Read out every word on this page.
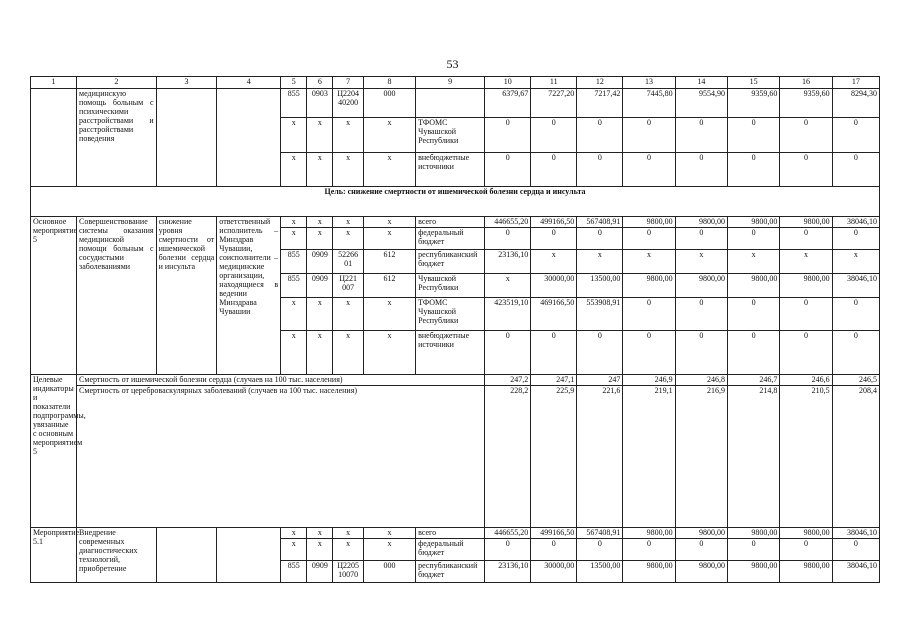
53
1	2	3	4	5	6	7	8	9	10	11	12	13	14	15	16	17
	медицинскую помощь больным с психическими расстройствами и расстройствами поведения			855	0903	Ц2204 40200	000		6379,67	7227,20	7217,42	7445,80	9554,90	9359,60	9359,60	8294,30
				x	x	x	x	ТФОМС Чувашской Республики	0	0	0	0	0	0	0	0
				x	x	x	x	внебюджетные источники	0	0	0	0	0	0	0	0
Цель: снижение смертности от ишемической болезни сердца и инсульта																
Основное мероприятие 5	Совершенствование системы оказания медицинской помощи больным с сосудистыми заболеваниями	снижение уровня смертности от ишемической болезни сердца и инсульта	ответственный исполнитель – Минздрав Чувашии, соисполнители – медицинские организации, находящиеся в ведении Минздрава Чувашии	x	x	x	x	всего	446655,20	499166,50	567408,91	9800,00	9800,00	9800,00	9800,00	38046,10
				x	x	x	x	федеральный бюджет	0	0	0	0	0	0	0	0
				855	0909	52266 01	612	республиканский бюджет	23136,10	x	x	x	x	x	x	x
				855	0909	Ц221 007	612	Чувашской Республики	x	30000,00	13500,00	9800,00	9800,00	9800,00	9800,00	38046,10
				x	x	x	x	ТФОМС Чувашской Республики	423519,10	469166,50	553908,91	0	0	0	0	0
				x	x	x	x	внебюджетные источники	0	0	0	0	0	0	0	0
Целевые индикаторы и показатели подпрограммы, увязанные с основным мероприятием 5	Смертность от ишемической болезни сердца (случаев на 100 тыс. населения)								247,2	247,1	247	246,9	246,8	246,7	246,6	246,5
	Смертность от цереброваскулярных заболеваний (случаев на 100 тыс. населения)								228,2	225,9	221,6	219,1	216,9	214,8	210,5	208,4
Мероприятие 5.1	Внедрение современных диагностических технологий, приобретение			x	x	x	x	всего	446655,20	499166,50	567408,91	9800,00	9800,00	9800,00	9800,00	38046,10
				x	x	x	x	федеральный бюджет	0	0	0	0	0	0	0	0
				855	0909	Ц2205 10070	000	республиканский бюджет	23136,10	30000,00	13500,00	9800,00	9800,00	9800,00	9800,00	38046,10
